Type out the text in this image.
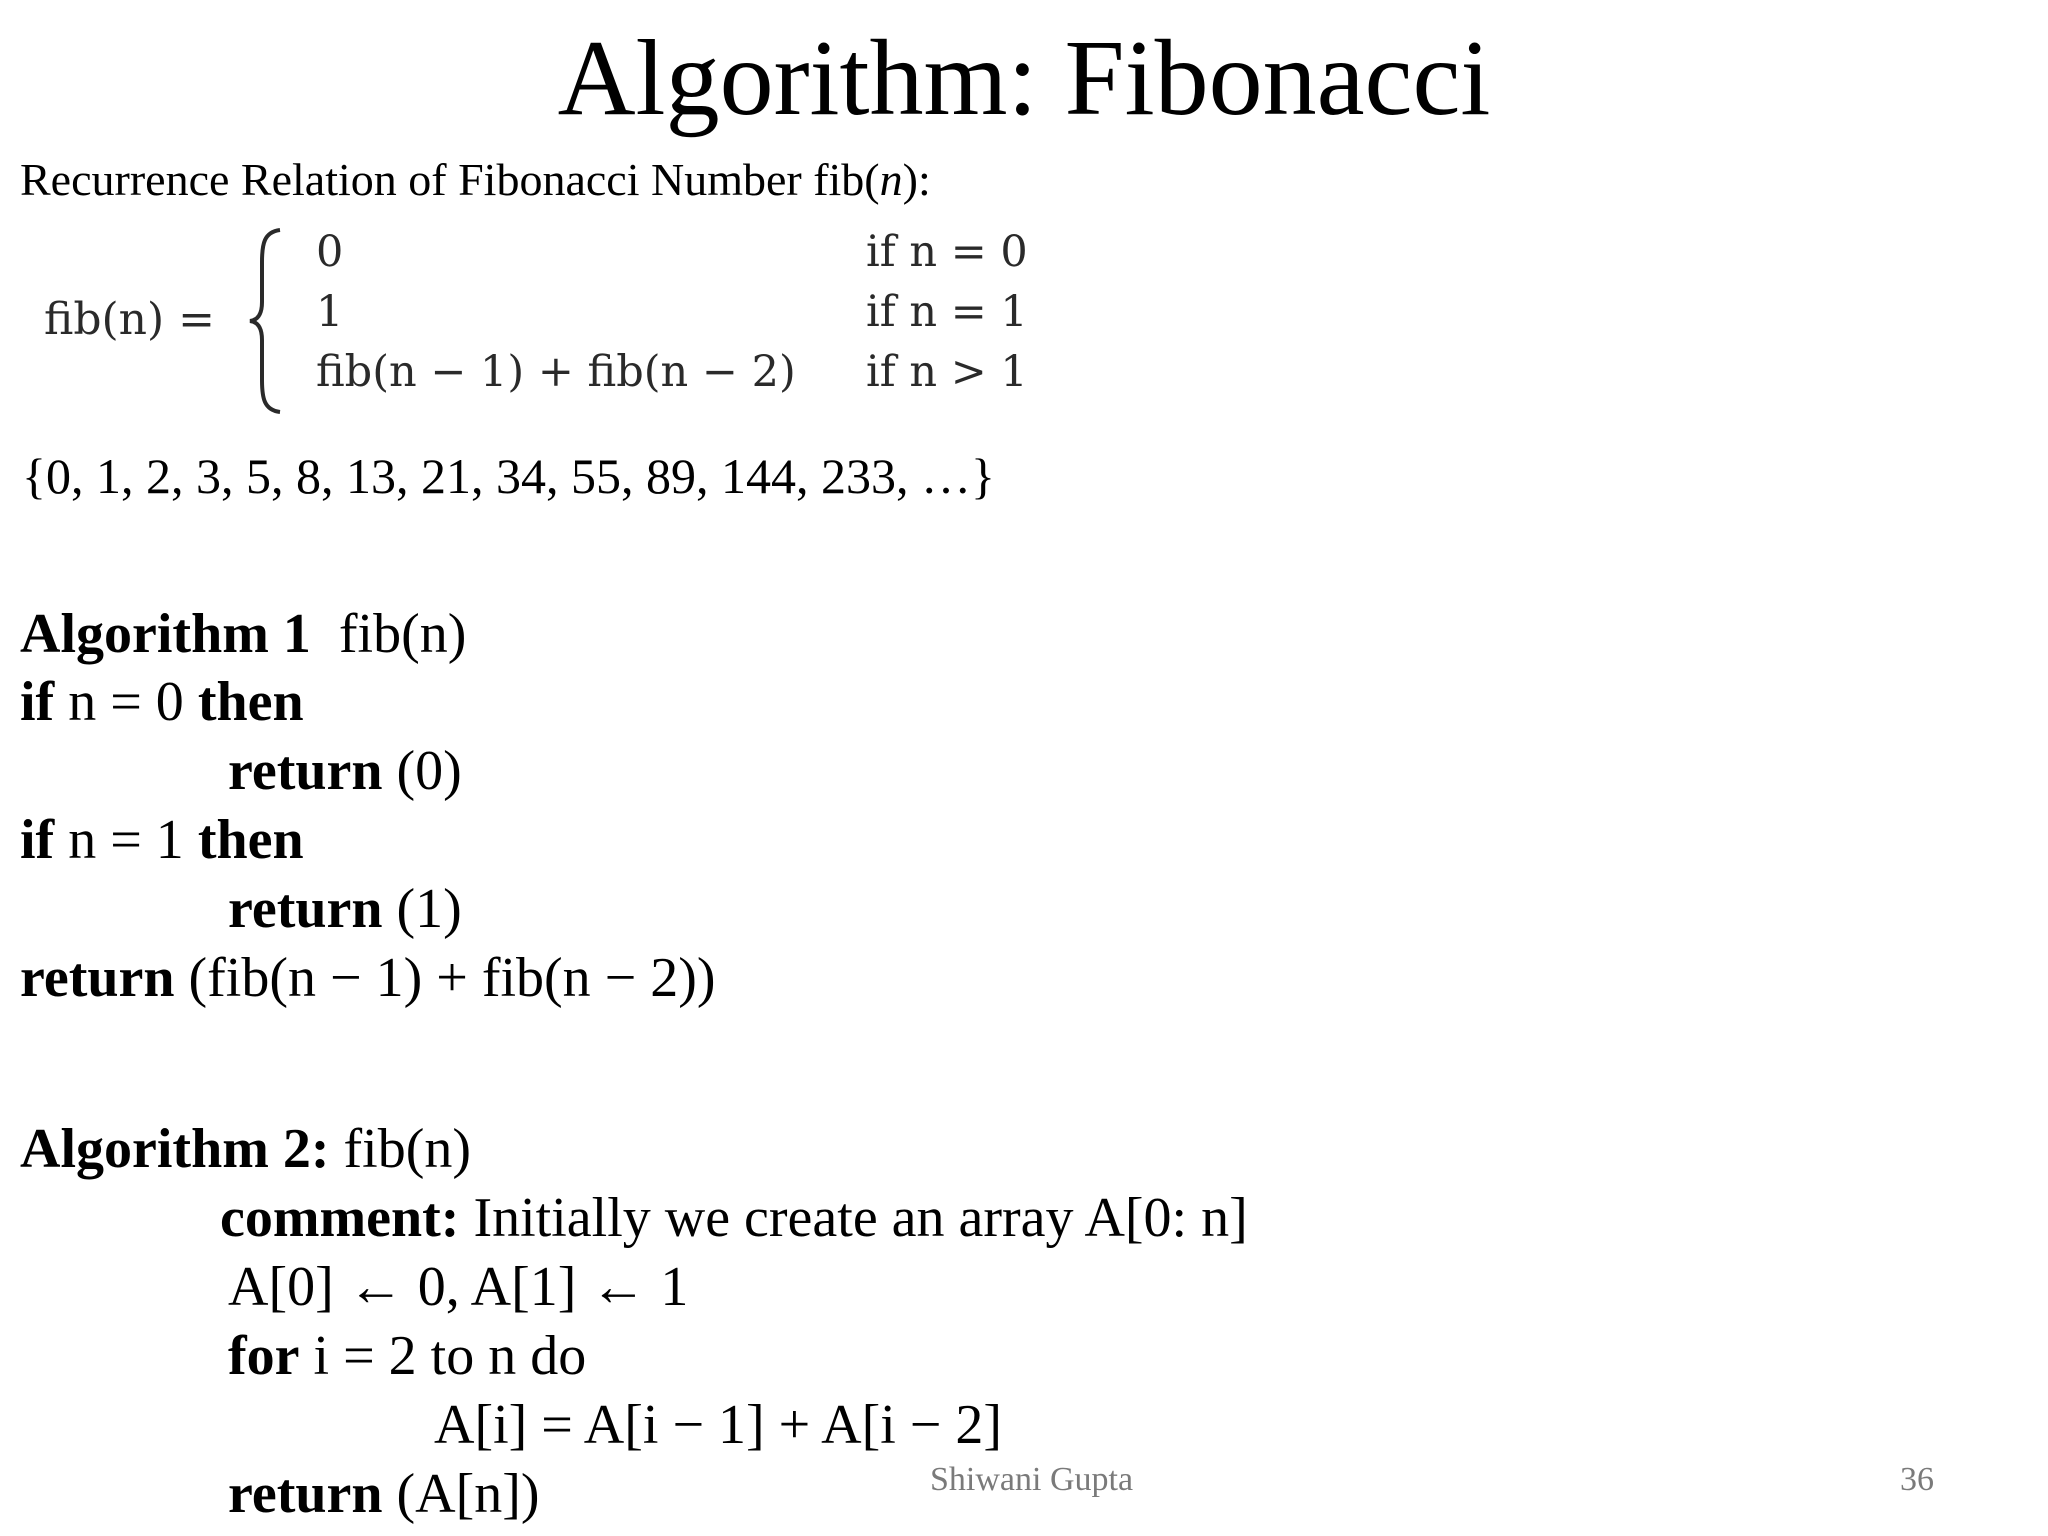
Algorithm: Fibonacci
Recurrence Relation of Fibonacci Number fib(n):
fib(n) =
0	if n = 0
1	if n = 1
fib(n − 1) + fib(n − 2) if n > 1
{0, 1, 2, 3, 5, 8, 13, 21, 34, 55, 89, 144, 233, …}
Algorithm 1 fib(n)
if n = 0 then
return (0)
if n = 1 then
return (1)
return (fib(n − 1) + fib(n − 2))
Algorithm 2: fib(n)
comment: Initially we create an array A[0: n]
A[0] ← 0, A[1] ← 1
for i = 2 to n do
A[i] = A[i − 1] + A[i − 2]
return (A[n])	Shiwani Gupta	36
